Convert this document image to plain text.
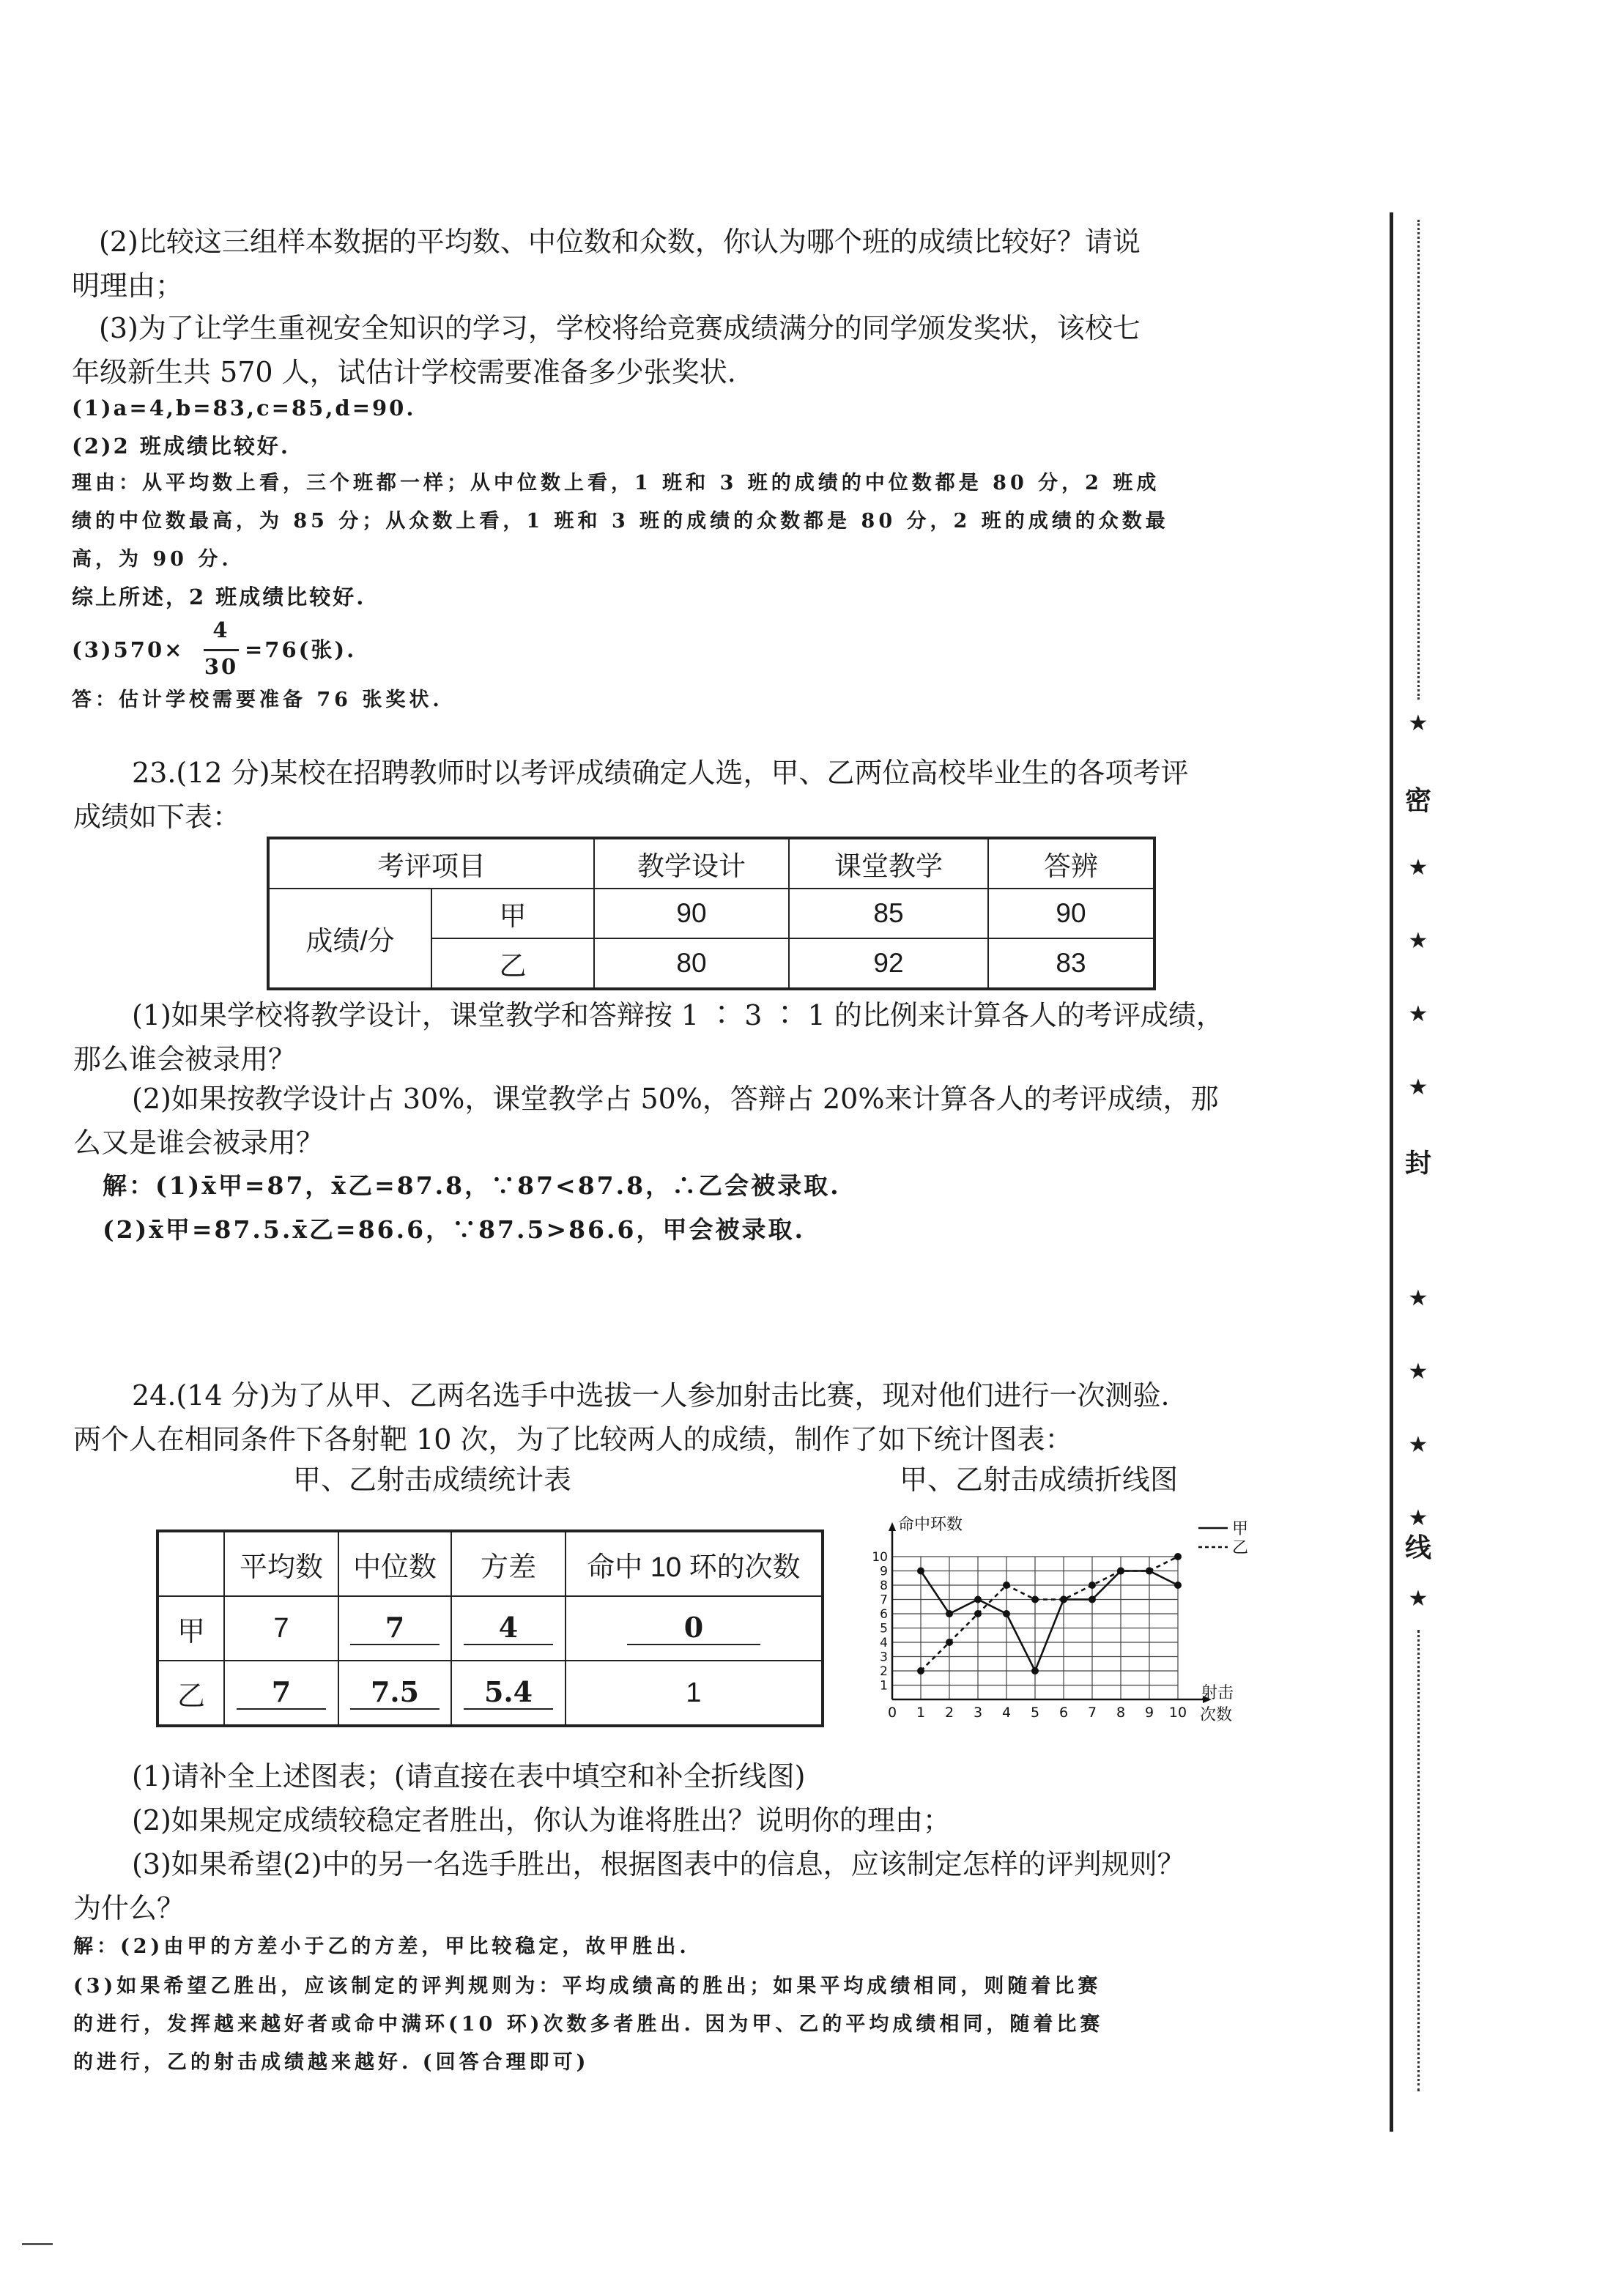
(2)比较这三组样本数据的平均数、中位数和众数，你认为哪个班的成绩比较好？请说
明理由；
(3)为了让学生重视安全知识的学习，学校将给竞赛成绩满分的同学颁发奖状，该校七
年级新生共 570 人，试估计学校需要准备多少张奖状.
(1)a=4,b=83,c=85,d=90.
(2)2 班成绩比较好.
理由：从平均数上看，三个班都一样；从中位数上看，1 班和 3 班的成绩的中位数都是 80 分，2 班成
绩的中位数最高，为 85 分；从众数上看，1 班和 3 班的成绩的众数都是 80 分，2 班的成绩的众数最
高，为 90 分.
综上所述，2 班成绩比较好.
(3)570×
4
30
=76(张).
答：估计学校需要准备 76 张奖状.
23.(12 分)某校在招聘教师时以考评成绩确定人选，甲、乙两位高校毕业生的各项考评
成绩如下表：
考评项目		教学设计	课堂教学	答辨
成绩/分	甲	90	85	90
	乙	80	92	83
(1)如果学校将教学设计，课堂教学和答辩按 1 ∶ 3 ∶ 1 的比例来计算各人的考评成绩，
那么谁会被录用？
(2)如果按教学设计占 30%，课堂教学占 50%，答辩占 20%来计算各人的考评成绩，那
么又是谁会被录用？
解：(1)x̄甲=87，x̄乙=87.8，∵87<87.8，∴乙会被录取.
(2)x̄甲=87.5.x̄乙=86.6，∵87.5>86.6，甲会被录取.
24.(14 分)为了从甲、乙两名选手中选拔一人参加射击比赛，现对他们进行一次测验.
两个人在相同条件下各射靶 10 次，为了比较两人的成绩，制作了如下统计图表：
甲、乙射击成绩统计表	甲、乙射击成绩折线图
	平均数	中位数	方差	命中 10 环的次数
甲	7	7	4	0
乙	7	7.5	5.4	1
0 1 2 3 4 5 6 7 8 9 10
1
2
3
4
5
6
7
8
9
10
命中环数
射击
次数
甲
乙
(1)请补全上述图表；(请直接在表中填空和补全折线图)
(2)如果规定成绩较稳定者胜出，你认为谁将胜出？说明你的理由；
(3)如果希望(2)中的另一名选手胜出，根据图表中的信息，应该制定怎样的评判规则？
为什么？
解：(2)由甲的方差小于乙的方差，甲比较稳定，故甲胜出.
(3)如果希望乙胜出，应该制定的评判规则为：平均成绩高的胜出；如果平均成绩相同，则随着比赛
的进行，发挥越来越好者或命中满环(10 环)次数多者胜出. 因为甲、乙的平均成绩相同，随着比赛
的进行，乙的射击成绩越来越好. (回答合理即可)
★
密
★
★
★
★
封
★
★
★
★
线
★
